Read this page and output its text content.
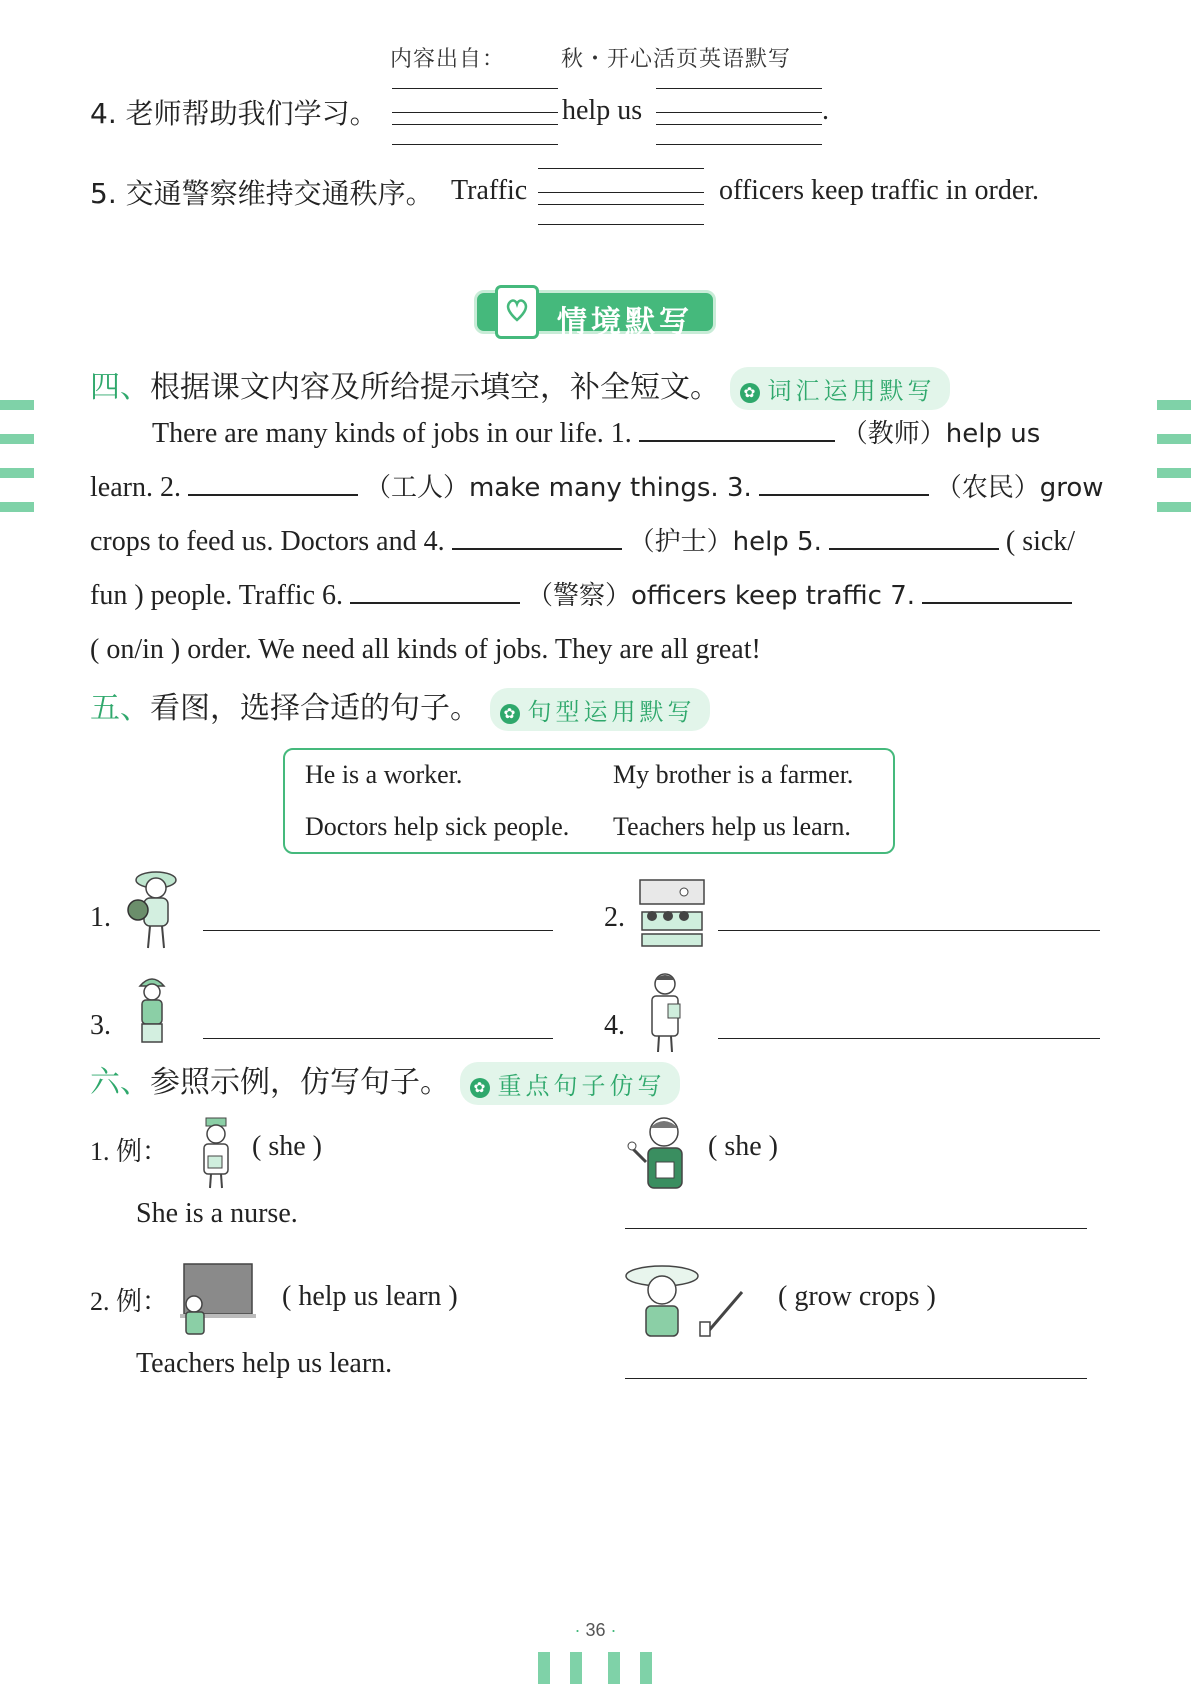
内容出自：	秋・开心活页英语默写
4. 老师帮助我们学习。	help us	.
5. 交通警察维持交通秩序。 Traffic	officers keep traffic in order.
情境默写
四、根据课文内容及所给提示填空，补全短文。 ✿ 词汇运用默写
There are many kinds of jobs in our life. 1.	（教师）help us
learn. 2.	（工人）make many things. 3.	（农民）grow
crops to feed us. Doctors and 4.	（护士）help 5.	( sick/
fun ) people. Traffic 6.	（警察）officers keep traffic 7.
( on/in ) order. We need all kinds of jobs. They are all great!
五、看图，选择合适的句子。 ✿ 句型运用默写
He is a worker.	My brother is a farmer.
Doctors help sick people. Teachers help us learn.
1.	2.
3.	4.
六、参照示例，仿写句子。 ✿ 重点句子仿写
1. 例：	( she )
She is a nurse.
( she )
2. 例：	( help us learn )
Teachers help us learn.
( grow crops )
· 36 ·
